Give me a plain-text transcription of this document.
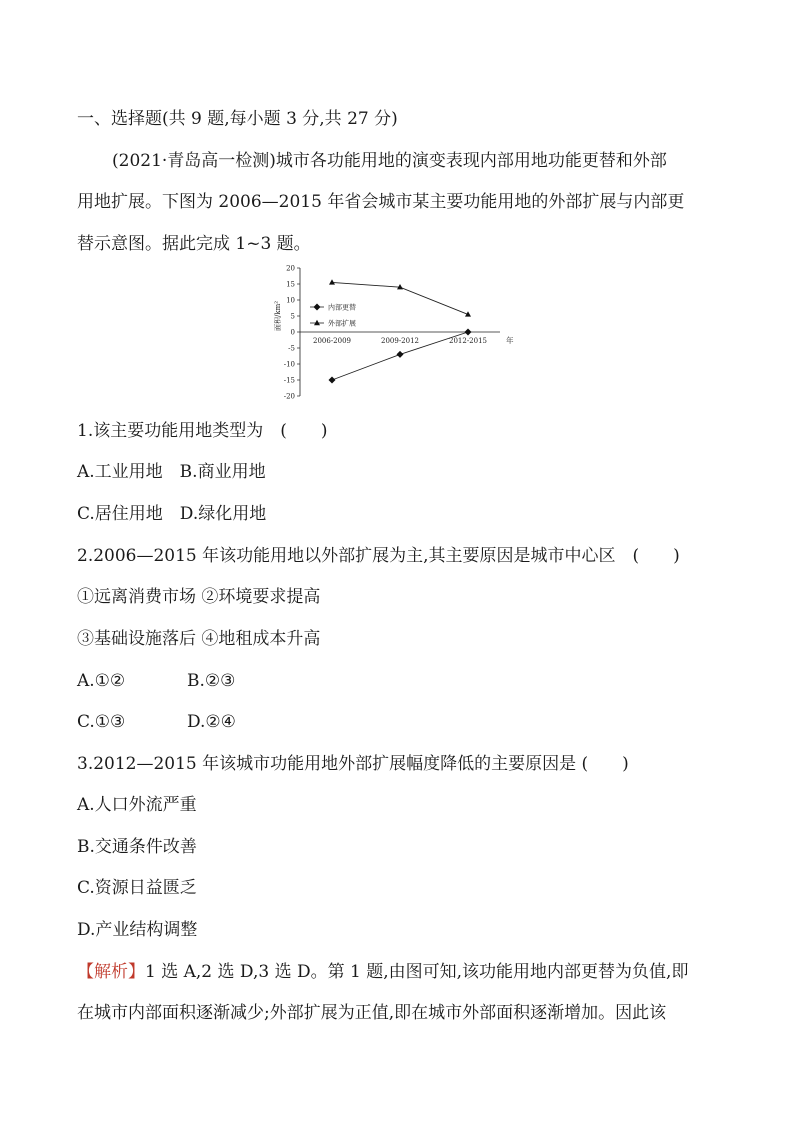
一、选择题(共 9 题,每小题 3 分,共 27 分)
(2021·青岛高一检测)城市各功能用地的演变表现内部用地功能更替和外部
用地扩展。下图为 2006—2015 年省会城市某主要功能用地的外部扩展与内部更
替示意图。据此完成 1~3 题。
20
15
10
5
0
-5
-10
-15
-20
面积/km²
2006-2009	2009-2012	2012-2015	年
内部更替
外部扩展
1.该主要功能用地类型为　(　　)
A.工业用地　B.商业用地
C.居住用地　D.绿化用地
2.2006—2015 年该功能用地以外部扩展为主,其主要原因是城市中心区　(　　)
①远离消费市场 ②环境要求提高
③基础设施落后 ④地租成本升高
A.①②	B.②③
C.①③	D.②④
3.2012—2015 年该城市功能用地外部扩展幅度降低的主要原因是 (　　)
A.人口外流严重
B.交通条件改善
C.资源日益匮乏
D.产业结构调整
【解析】1 选 A,2 选 D,3 选 D。第 1 题,由图可知,该功能用地内部更替为负值,即
在城市内部面积逐渐减少;外部扩展为正值,即在城市外部面积逐渐增加。因此该
